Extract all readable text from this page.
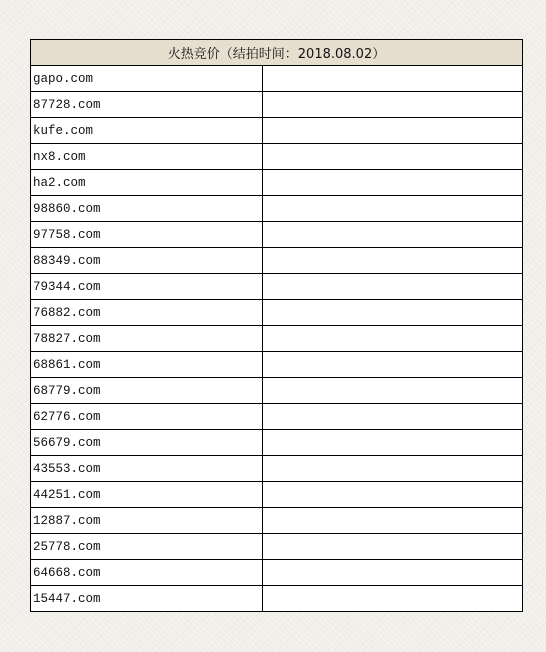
火热竞价（结拍时间：2018.08.02）	
gapo.com	
87728.com	
kufe.com	
nx8.com	
ha2.com	
98860.com	
97758.com	
88349.com	
79344.com	
76882.com	
78827.com	
68861.com	
68779.com	
62776.com	
56679.com	
43553.com	
44251.com	
12887.com	
25778.com	
64668.com	
15447.com	
